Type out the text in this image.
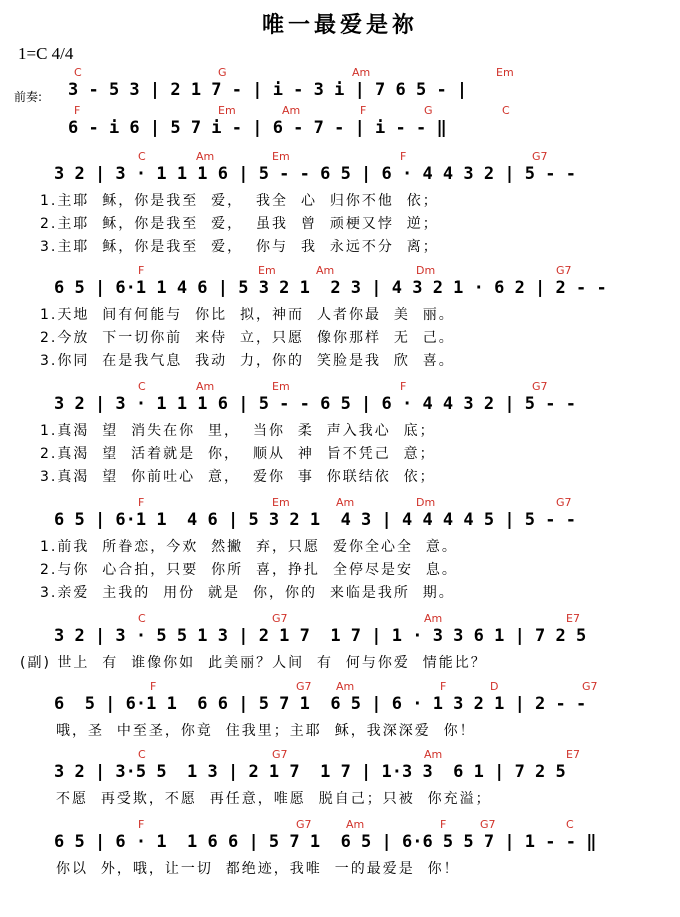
唯一最爱是祢
1=C 4/4
前奏:
C	G	Am	Em
3 - 5 3 | 2 1 7 - | i - 3 i | 7 6 5 - |
F	Em	Am	F	G	C
6 - i 6 | 5 7 i - | 6 - 7 - | i - - ‖
C	Am	Em	F	G7
3 2 | 3 · 1 1 1 6 | 5 - - 6 5 | 6 · 4 4 3 2 | 5 - -
1.主耶  稣，你是我至  爱，  我全  心  归你不他  依；
2.主耶  稣，你是我至  爱，  虽我  曾  顽梗又悖  逆；
3.主耶  稣，你是我至  爱，  你与  我  永远不分  离；
F	Em	Am	Dm	G7
6 5 | 6·1 1 4 6 | 5 3 2 1  2 3 | 4 3 2 1 · 6 2 | 2 - -
1.天地  间有何能与  你比  拟，神而  人者你最  美  丽。
2.今放  下一切你前  来侍  立，只愿  像你那样  无  己。
3.你同  在是我气息  我动  力，你的  笑脸是我  欣  喜。
C	Am	Em	F	G7
3 2 | 3 · 1 1 1 6 | 5 - - 6 5 | 6 · 4 4 3 2 | 5 - -
1.真渴  望  消失在你  里，  当你  柔  声入我心  底；
2.真渴  望  活着就是  你，  顺从  神  旨不凭己  意；
3.真渴  望  你前吐心  意，  爱你  事  你联结依  依；
F	Em	Am	Dm	G7
6 5 | 6·1 1  4 6 | 5 3 2 1  4 3 | 4 4 4 4 5 | 5 - -
1.前我  所眷恋，今欢  然撇  弃，只愿  爱你全心全  意。
2.与你  心合拍，只要  你所  喜，挣扎  全停尽是安  息。
3.亲爱  主我的  用份  就是  你，你的  来临是我所  期。
C	G7	Am	E7
3 2 | 3 · 5 5 1 3 | 2 1 7  1 7 | 1 · 3 3 6 1 | 7 2 5
(副) 世上  有  谁像你如  此美丽？人间  有  何与你爱  情能比？
F	G7 Am	F	D	G7
6  5 | 6·1 1  6 6 | 5 7 1  6 5 | 6 · 1 3 2 1 | 2 - -
哦，圣  中至圣，你竟  住我里；主耶  稣，我深深爱  你！
C	G7	Am	E7
3 2 | 3·5 5  1 3 | 2 1 7  1 7 | 1·3 3  6 1 | 7 2 5
不愿  再受欺，不愿  再任意，唯愿  脱自己；只被  你充溢；
F	G7	Am	F	G7	C
6 5 | 6 · 1  1 6 6 | 5 7 1  6 5 | 6·6 5 5 7 | 1 - - ‖
你以  外，哦，让一切  都绝迹，我唯  一的最爱是  你！
